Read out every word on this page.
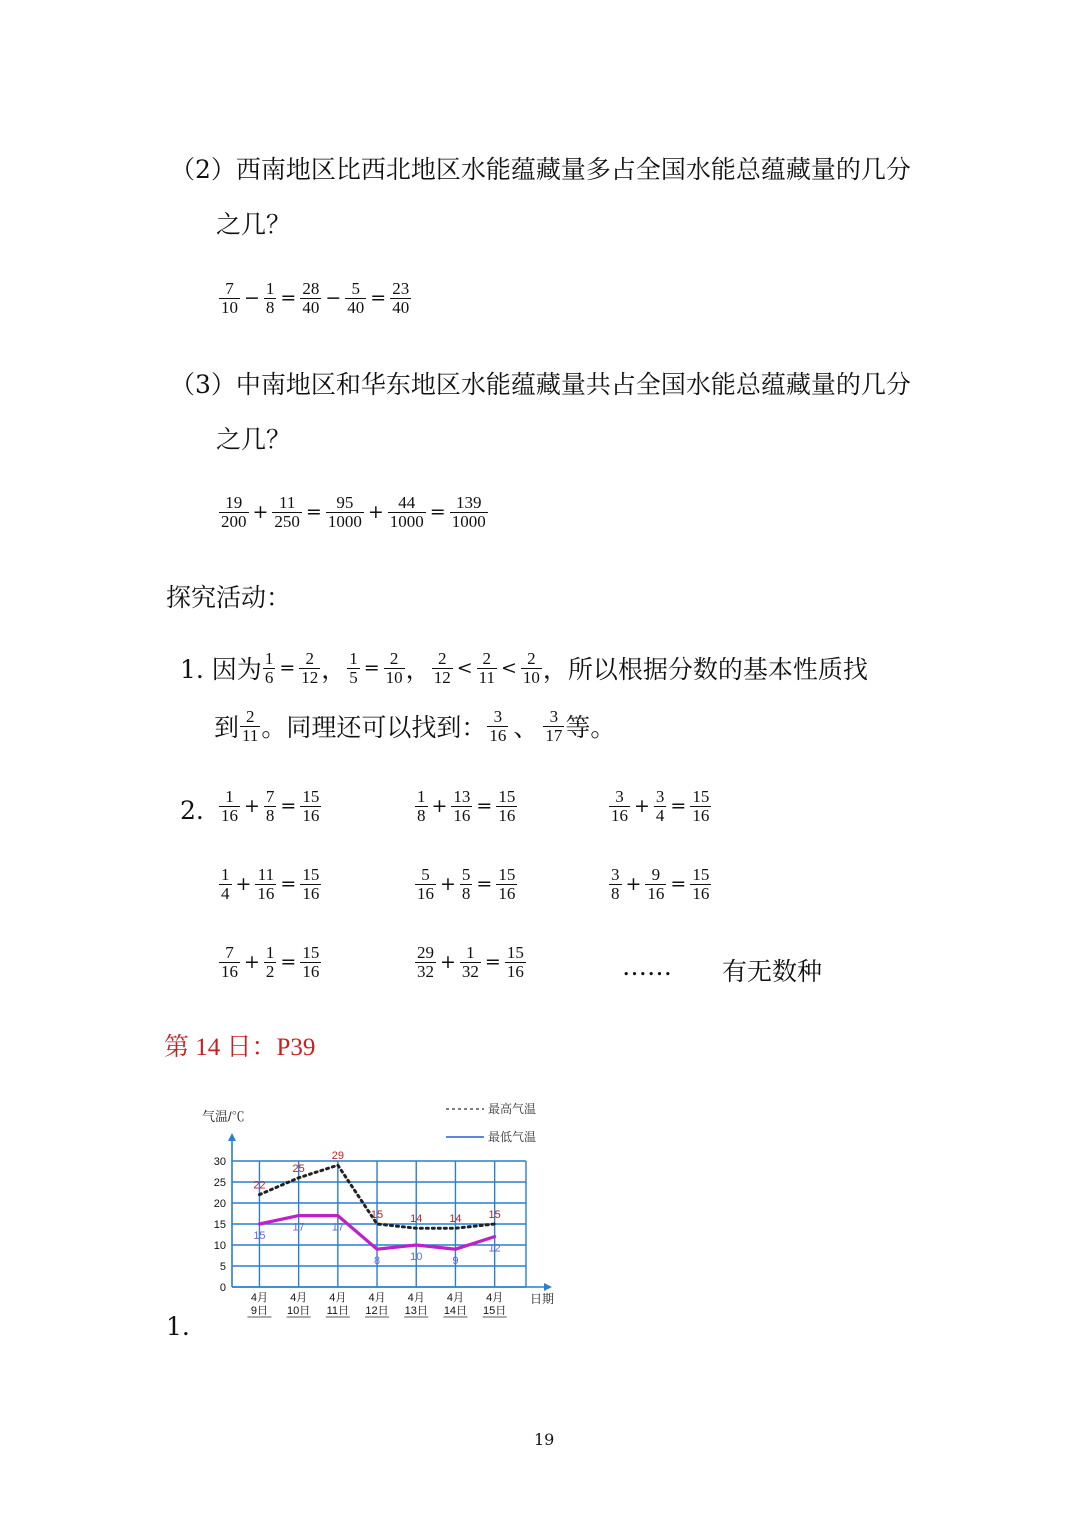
（2）西南地区比西北地区水能蕴藏量多占全国水能总蕴藏量的几分
之几？
$\frac{7}{10} - \frac{1}{8} = \frac{28}{40} - \frac{5}{40} = \frac{23}{40}$
（3）中南地区和华东地区水能蕴藏量共占全国水能总蕴藏量的几分
之几？
$\frac{19}{200} + \frac{11}{250} = \frac{95}{1000} + \frac{44}{1000} = \frac{139}{1000}$
探究活动：
1. 因为 $\frac{1}{6} = \frac{2}{12}$ ， $\frac{1}{5} = \frac{2}{10}$ ， $\frac{2}{12} < \frac{2}{11} < \frac{2}{10}$ ，所以根据分数的基本性质找
到 $\frac{2}{11}$ 。同理还可以找到： $\frac{3}{16}$ 、 $\frac{3}{17}$ 等。
2. $\frac{1}{16} + \frac{7}{8} = \frac{15}{16}$	$\frac{1}{8} + \frac{13}{16} = \frac{15}{16}$	$\frac{3}{16} + \frac{3}{4} = \frac{15}{16}$
$\frac{1}{4} + \frac{11}{16} = \frac{15}{16}$	$\frac{5}{16} + \frac{5}{8} = \frac{15}{16}$	$\frac{3}{8} + \frac{9}{16} = \frac{15}{16}$
$\frac{7}{16} + \frac{1}{2} = \frac{15}{16}$	$\frac{29}{32} + \frac{1}{32} = \frac{15}{16}$	…… 有无数种
第 14 日：P39
1.
0
5
10
15
20
25
30
气温/℃
日期
4月
9日
4月
10日
4月
11日
4月
12日
4月
13日
4月
14日
4月
15日
最高气温
最低气温
22
25
29
15 14 14 15
15
17 17
8	10	9
12
19
